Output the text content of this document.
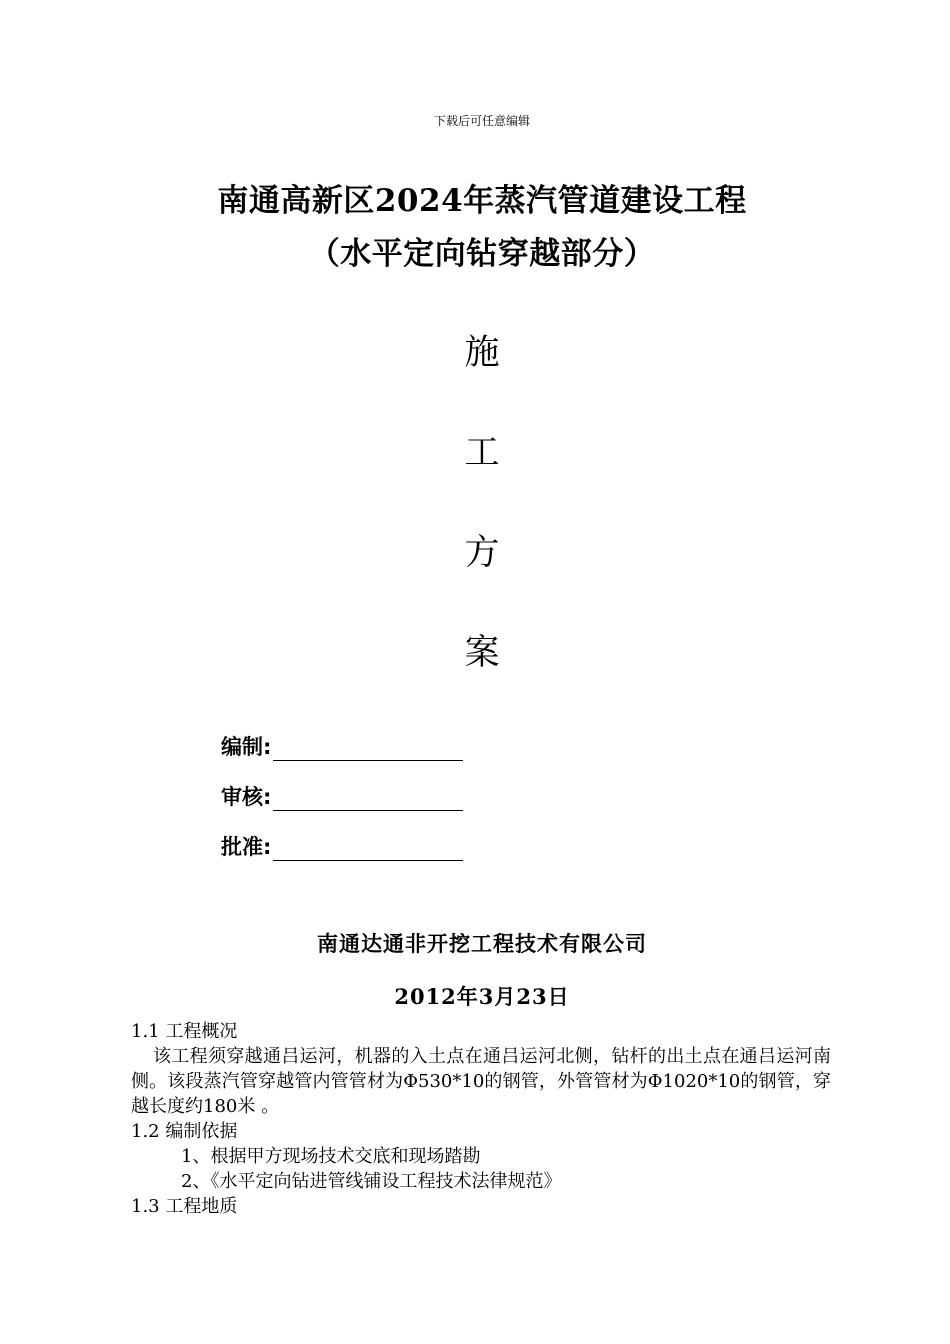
下载后可任意编辑
南通高新区2024年蒸汽管道建设工程
（水平定向钻穿越部分）
施
工
方
案
编制:
审核:
批准:
南通达通非开挖工程技术有限公司
2012年3月23日
1.1 工程概况
该工程须穿越通吕运河，机器的入土点在通吕运河北侧，钻杆的出土点在通吕运河南侧。该段蒸汽管穿越管内管管材为Φ530*10的钢管，外管管材为Φ1020*10的钢管，穿越长度约180米 。
1.2 编制依据
1、根据甲方现场技术交底和现场踏勘
2、《水平定向钻进管线铺设工程技术法律规范》
1.3 工程地质
